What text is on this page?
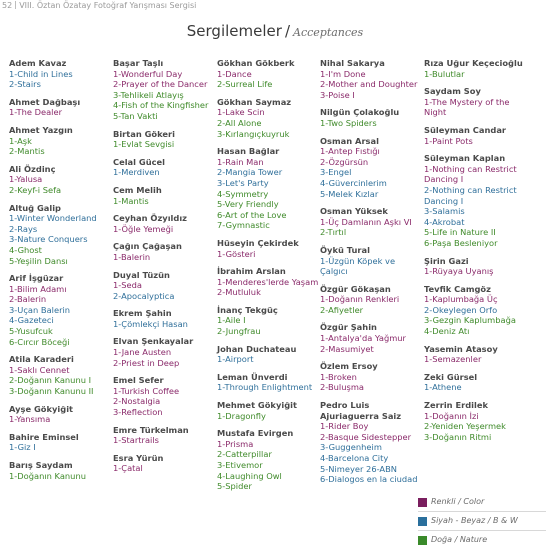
52 VIII. Öztan Özatay Fotoğraf Yarışması Sergisi
Sergilemeler / Acceptances
Adem Kavaz
1-Child in Lines
2-Stairs
Ahmet Dağbaşı
1-The Dealer
Ahmet Yazgın
1-Aşk
2-Mantis
Ali Özdinç
1-Yalusa
2-Keyf-i Sefa
Altuğ Galip
1-Winter Wonderland
2-Rays
3-Nature Conquers
4-Ghost
5-Yeşilin Dansı
Arif İşgüzar
1-Bilim Adamı
2-Balerin
3-Uçan Balerin
4-Gazeteci
5-Yusufcuk
6-Cırcır Böceği
Atila Karaderi
1-Saklı Cennet
2-Doğanın Kanunu I
3-Doğanın Kanunu II
Ayşe Gökyiğit
1-Yansıma
Bahire Eminsel
1-Giz I
Barış Saydam
1-Doğanın Kanunu
Başar Taşlı
1-Wonderful Day
2-Prayer of the Dancer
3-Tehlikeli Atlayış
4-Fish of the Kingfisher
5-Tan Vakti
Birtan Gökeri
1-Evlat Sevgisi
Celal Gücel
1-Merdiven
Cem Melih
1-Mantis
Ceyhan Özyıldız
1-Öğle Yemeği
Çağın Çağaşan
1-Balerin
Duyal Tüzün
1-Seda
2-Apocalyptica
Ekrem Şahin
1-Çömlekçi Hasan
Elvan Şenkayalar
1-Jane Austen
2-Priest in Deep
Emel Sefer
1-Turkish Coffee
2-Nostalgia
3-Reflection
Emre Türkelman
1-Startrails
Esra Yürün
1-Çatal
Gökhan Gökberk
1-Dance
2-Surreal Life
Gökhan Saymaz
1-Lake Scin
2-All Alone
3-Kırlangıçkuyruk
Hasan Bağlar
1-Rain Man
2-Mangia Tower
3-Let's Party
4-Symmetry
5-Very Friendly
6-Art of the Love
7-Gymnastic
Hüseyin Çekirdek
1-Gösteri
İbrahim Arslan
1-Menderes'lerde Yaşam
2-Mutluluk
İnanç Tekgüç
1-Aile I
2-Jungfrau
Johan Duchateau
1-Airport
Leman Ünverdi
1-Through Enlightment
Mehmet Gökyiğit
1-Dragonfly
Mustafa Evirgen
1-Prisma
2-Catterpillar
3-Etivemor
4-Laughing Owl
5-Spider
Nihal Sakarya
1-I'm Done
2-Mother and Doughter
3-Poise I
Nilgün Çolakoğlu
1-Two Spiders
Osman Arsal
1-Antep Fıstığı
2-Özgürsün
3-Engel
4-Güvercinlerim
5-Melek Kızlar
Osman Yüksek
1-Üç Damlanın Aşkı VI
2-Tırtıl
Öykü Tural
1-Üzgün Köpek ve Çalgıcı
Özgür Gökaşan
1-Doğanın Renkleri
2-Afiyetler
Özgür Şahin
1-Antalya'da Yağmur
2-Masumiyet
Özlem Ersoy
1-Broken
2-Buluşma
Pedro Luis Ajuriaguerra Saiz
1-Rider Boy
2-Basque Sidestepper
3-Guggenheim
4-Barcelona City
5-Nimeyer 26-ABN
6-Dialogos en la ciudad
Rıza Uğur Keçecioğlu
1-Bulutlar
Saydam Soy
1-The Mystery of the Night
Süleyman Candar
1-Paint Pots
Süleyman Kaplan
1-Nothing can Restrict Dancing I
2-Nothing can Restrict Dancing I
3-Salamis
4-Akrobat
5-Life in Nature II
6-Paşa Besleniyor
Şirin Gazi
1-Rüyaya Uyanış
Tevfik Camgöz
1-Kaplumbağa Üç
2-Okeylegen Orfo
3-Gezgin Kaplumbağa
4-Deniz Atı
Yasemin Atasoy
1-Semazenler
Zeki Gürsel
1-Athene
Zerrin Erdilek
1-Doğanın İzi
2-Yeniden Yeşermek
3-Doğanın Ritmi
Renkli / Color
Siyah - Beyaz / B & W
Doğa / Nature
